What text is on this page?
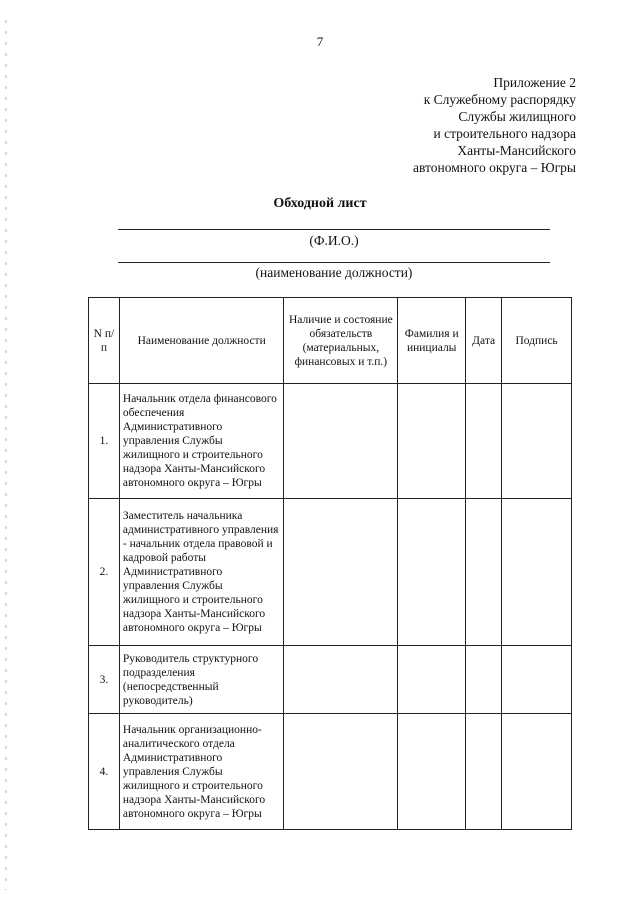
7
Приложение 2
к Служебному распорядку
Службы жилищного
и строительного надзора
Ханты-Мансийского
автономного округа – Югры
Обходной лист
(Ф.И.О.)
(наименование должности)
N п/п	Наименование должности	Наличие и состояние обязательств (материальных, финансовых и т.п.)	Фамилия и инициалы	Дата	Подпись
1.	Начальник отдела финансового обеспечения Административного управления Службы жилищного и строительного надзора Ханты-Мансийского автономного округа – Югры				
2.	Заместитель начальника административного управления - начальник отдела правовой и кадровой работы Административного управления Службы жилищного и строительного надзора Ханты-Мансийского автономного округа – Югры				
3.	Руководитель структурного подразделения (непосредственный руководитель)				
4.	Начальник организационно-аналитического отдела Административного управления Службы жилищного и строительного надзора Ханты-Мансийского автономного округа – Югры				
